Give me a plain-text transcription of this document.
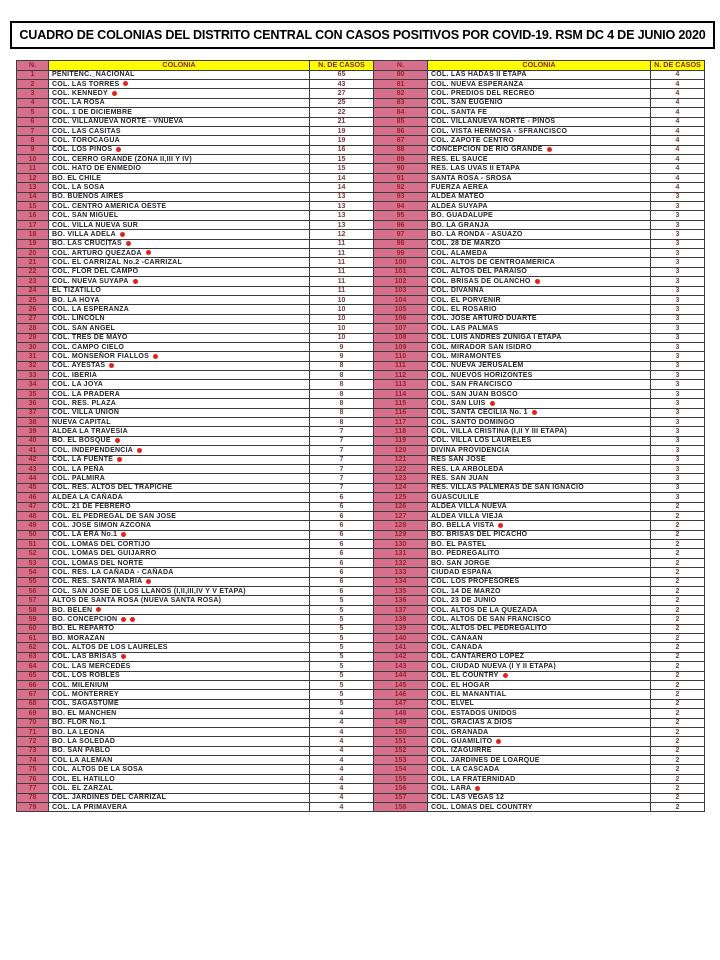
CUADRO DE COLONIAS DEL DISTRITO CENTRAL CON CASOS POSITIVOS POR COVID-19. RSM DC 4 DE JUNIO 2020
N.	COLONIA	N. DE CASOS	N.	COLONIA	N. DE CASOS
1	PENITENC._NACIONAL	65	80	COL. LAS HADAS II ETAPA	4
2	COL. LAS TORRES	43	81	COL. NUEVA ESPERANZA	4
3	COL. KENNEDY	27	82	COL. PREDIOS DEL RECREO	4
4	COL. LA ROSA	25	83	COL. SAN EUGENIO	4
5	COL. 1 DE DICIEMBRE	22	84	COL. SANTA FE	4
6	COL. VILLANUEVA NORTE - VNUEVA	21	85	COL. VILLANUEVA NORTE - PINOS	4
7	COL. LAS CASITAS	19	86	COL. VISTA HERMOSA - SFRANCISCO	4
8	COL. TOROCAGUA	19	87	COL. ZAPOTE CENTRO	4
9	COL. LOS PINOS	16	88	CONCEPCION DE RIO GRANDE	4
10	COL. CERRO GRANDE (ZONA II,III Y IV)	15	89	RES. EL SAUCE	4
11	COL. HATO DE ENMEDIO	15	90	RES. LAS UVAS II ETAPA	4
12	BO. EL CHILE	14	91	SANTA ROSA - SROSA	4
13	COL. LA SOSA	14	92	FUERZA AEREA	4
14	BO. BUENOS AIRES	13	93	ALDEA MATEO	3
15	COL. CENTRO AMERICA OESTE	13	94	ALDEA SUYAPA	3
16	COL. SAN MIGUEL	13	95	BO. GUADALUPE	3
17	COL. VILLA NUEVA SUR	13	96	BO. LA GRANJA	3
18	BO. VILLA ADELA	12	97	BO. LA RONDA - ASUAZO	3
19	BO. LAS CRUCITAS	11	98	COL. 28 DE MARZO	3
20	COL. ARTURO QUEZADA	11	99	COL. ALAMEDA	3
21	COL. EL CARRIZAL No.2 -CARRIZAL	11	100	COL. ALTOS DE CENTROAMERICA	3
22	COL. FLOR DEL CAMPO	11	101	COL. ALTOS DEL PARAISO	3
23	COL. NUEVA SUYAPA	11	102	COL. BRISAS DE OLANCHO	3
24	EL TIZATILLO	11	103	COL. DIVANNA	3
25	BO. LA HOYA	10	104	COL. EL PORVENIR	3
26	COL. LA ESPERANZA	10	105	COL. EL ROSARIO	3
27	COL. LINCOLN	10	106	COL. JOSE ARTURO DUARTE	3
28	COL. SAN ANGEL	10	107	COL. LAS PALMAS	3
29	COL. TRES DE MAYO	10	108	COL. LUIS ANDRES ZUNIGA I ETAPA	3
30	COL. CAMPO CIELO	9	109	COL. MIRADOR SAN ISIDRO	3
31	COL. MONSEÑOR FIALLOS	9	110	COL. MIRAMONTES	3
32	COL. AYESTAS	8	111	COL. NUEVA JERUSALEM	3
33	COL. IBERIA	8	112	COL. NUEVOS HORIZONTES	3
34	COL. LA JOYA	8	113	COL. SAN FRANCISCO	3
35	COL. LA PRADERA	8	114	COL. SAN JUAN BOSCO	3
36	COL. RES. PLAZA	8	115	COL. SAN LUIS	3
37	COL. VILLA UNION	8	116	COL. SANTA CECILIA No. 1	3
38	NUEVA CAPITAL	8	117	COL. SANTO DOMINGO	3
39	ALDEA LA TRAVESIA	7	118	COL. VILLA CRISTINA (I,II Y III ETAPA)	3
40	BO. EL BOSQUE	7	119	COL. VILLA LOS LAURELES	3
41	COL. INDEPENDENCIA	7	120	DIVINA PROVIDENCIA	3
42	COL. LA FUENTE	7	121	RES SAN JOSE	3
43	COL. LA PEÑA	7	122	RES. LA ARBOLEDA	3
44	COL. PALMIRA	7	123	RES. SAN JUAN	3
45	COL. RES. ALTOS DEL TRAPICHE	7	124	RES. VILLAS PALMERAS DE SAN IGNACIO	3
46	ALDEA LA CAÑADA	6	125	GUASCULILE	3
47	COL. 21 DE FEBRERO	6	126	ALDEA VILLA NUEVA	2
48	COL. EL PEDREGAL DE SAN JOSE	6	127	ALDEA VILLA VIEJA	2
49	COL. JOSE SIMON AZCONA	6	128	BO. BELLA VISTA	2
50	COL. LA ERA No.1	6	129	BO. BRISAS DEL PICACHO	2
51	COL. LOMAS DEL CORTIJO	6	130	BO. EL PASTEL	2
52	COL. LOMAS DEL GUIJARRO	6	131	BO. PEDREGALITO	2
53	COL. LOMAS DEL NORTE	6	132	BO. SAN JORGE	2
54	COL. RES. LA CAÑADA - CAÑADA	6	133	CIUDAD ESPAÑA	2
55	COL. RES. SANTA MARIA	6	134	COL. LOS PROFESORES	2
56	COL. SAN JOSE DE LOS LLANOS (I,II,III,IV Y V ETAPA)	6	135	COL. 14 DE MARZO	2
57	ALTOS DE SANTA ROSA (NUEVA SANTA ROSA)	5	136	COL. 23 DE JUNIO	2
58	BO. BELEN	5	137	COL. ALTOS DE LA QUEZADA	2
59	BO. CONCEPCIÓN	5	138	COL. ALTOS DE SAN FRANCISCO	2
60	BO. EL REPARTO	5	139	COL. ALTOS DEL PEDREGALITO	2
61	BO. MORAZAN	5	140	COL. CANAAN	2
62	COL. ALTOS DE LOS LAURELES	5	141	COL. CANADA	2
63	COL. LAS BRISAS	5	142	COL. CANTARERO LOPEZ	2
64	COL. LAS MERCEDES	5	143	COL. CIUDAD NUEVA (I Y II ETAPA)	2
65	COL. LOS ROBLES	5	144	COL. EL COUNTRY	2
66	COL. MILENIUM	5	145	COL. EL HOGAR	2
67	COL. MONTERREY	5	146	COL. EL MANANTIAL	2
68	COL. SAGASTUME	5	147	COL. ELVEL	2
69	BO. EL MANCHEN	4	148	COL. ESTADOS UNIDOS	2
70	BO. FLOR No.1	4	149	COL. GRACIAS A DIOS	2
71	BO. LA LEONA	4	150	COL. GRANADA	2
72	BO. LA SOLEDAD	4	151	COL. GUAMILITO	2
73	BO. SAN PABLO	4	152	COL. IZAGUIRRE	2
74	COL LA ALEMAN	4	153	COL. JARDINES DE LOARQUE	2
75	COL. ALTOS DE LA SOSA	4	154	COL. LA CASCADA	2
76	COL. EL HATILLO	4	155	COL. LA FRATERNIDAD	2
77	COL. EL ZARZAL	4	156	COL. LARA	2
78	COL. JARDINES DEL CARRIZAL	4	157	COL. LAS VEGAS 12	2
79	COL. LA PRIMAVERA	4	158	COL. LOMAS DEL COUNTRY	2
